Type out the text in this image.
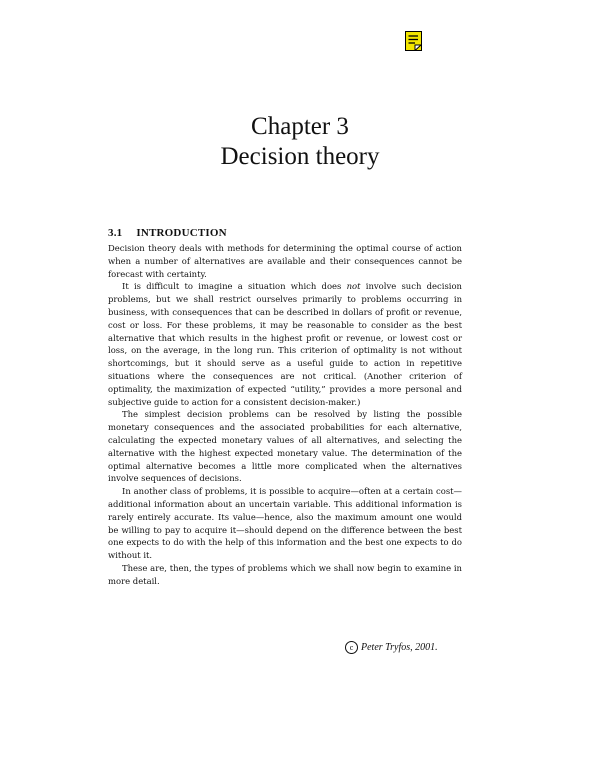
Chapter 3
Decision theory
3.1 INTRODUCTION

Decision theory deals with methods for determining the optimal course of action when a number of alternatives are available and their consequences cannot be forecast with certainty.

It is difficult to imagine a situation which does not involve such decision problems, but we shall restrict ourselves primarily to problems occurring in business, with consequences that can be described in dollars of profit or revenue, cost or loss. For these problems, it may be reasonable to consider as the best alternative that which results in the highest profit or revenue, or lowest cost or loss, on the average, in the long run. This criterion of optimality is not without shortcomings, but it should serve as a useful guide to action in repetitive situations where the consequences are not critical. (Another criterion of optimality, the maximization of expected “utility,” provides a more personal and subjective guide to action for a consistent decision-maker.)

The simplest decision problems can be resolved by listing the possible monetary consequences and the associated probabilities for each alternative, calculating the expected monetary values of all alternatives, and selecting the alternative with the highest expected monetary value. The determination of the optimal alternative becomes a little more complicated when the alternatives involve sequences of decisions.

In another class of problems, it is possible to acquire—often at a certain cost—additional information about an uncertain variable. This additional information is rarely entirely accurate. Its value—hence, also the maximum amount one would be willing to pay to acquire it—should depend on the difference between the best one expects to do with the help of this information and the best one expects to do without it.

These are, then, the types of problems which we shall now begin to examine in more detail.

c Peter Tryfos, 2001.
